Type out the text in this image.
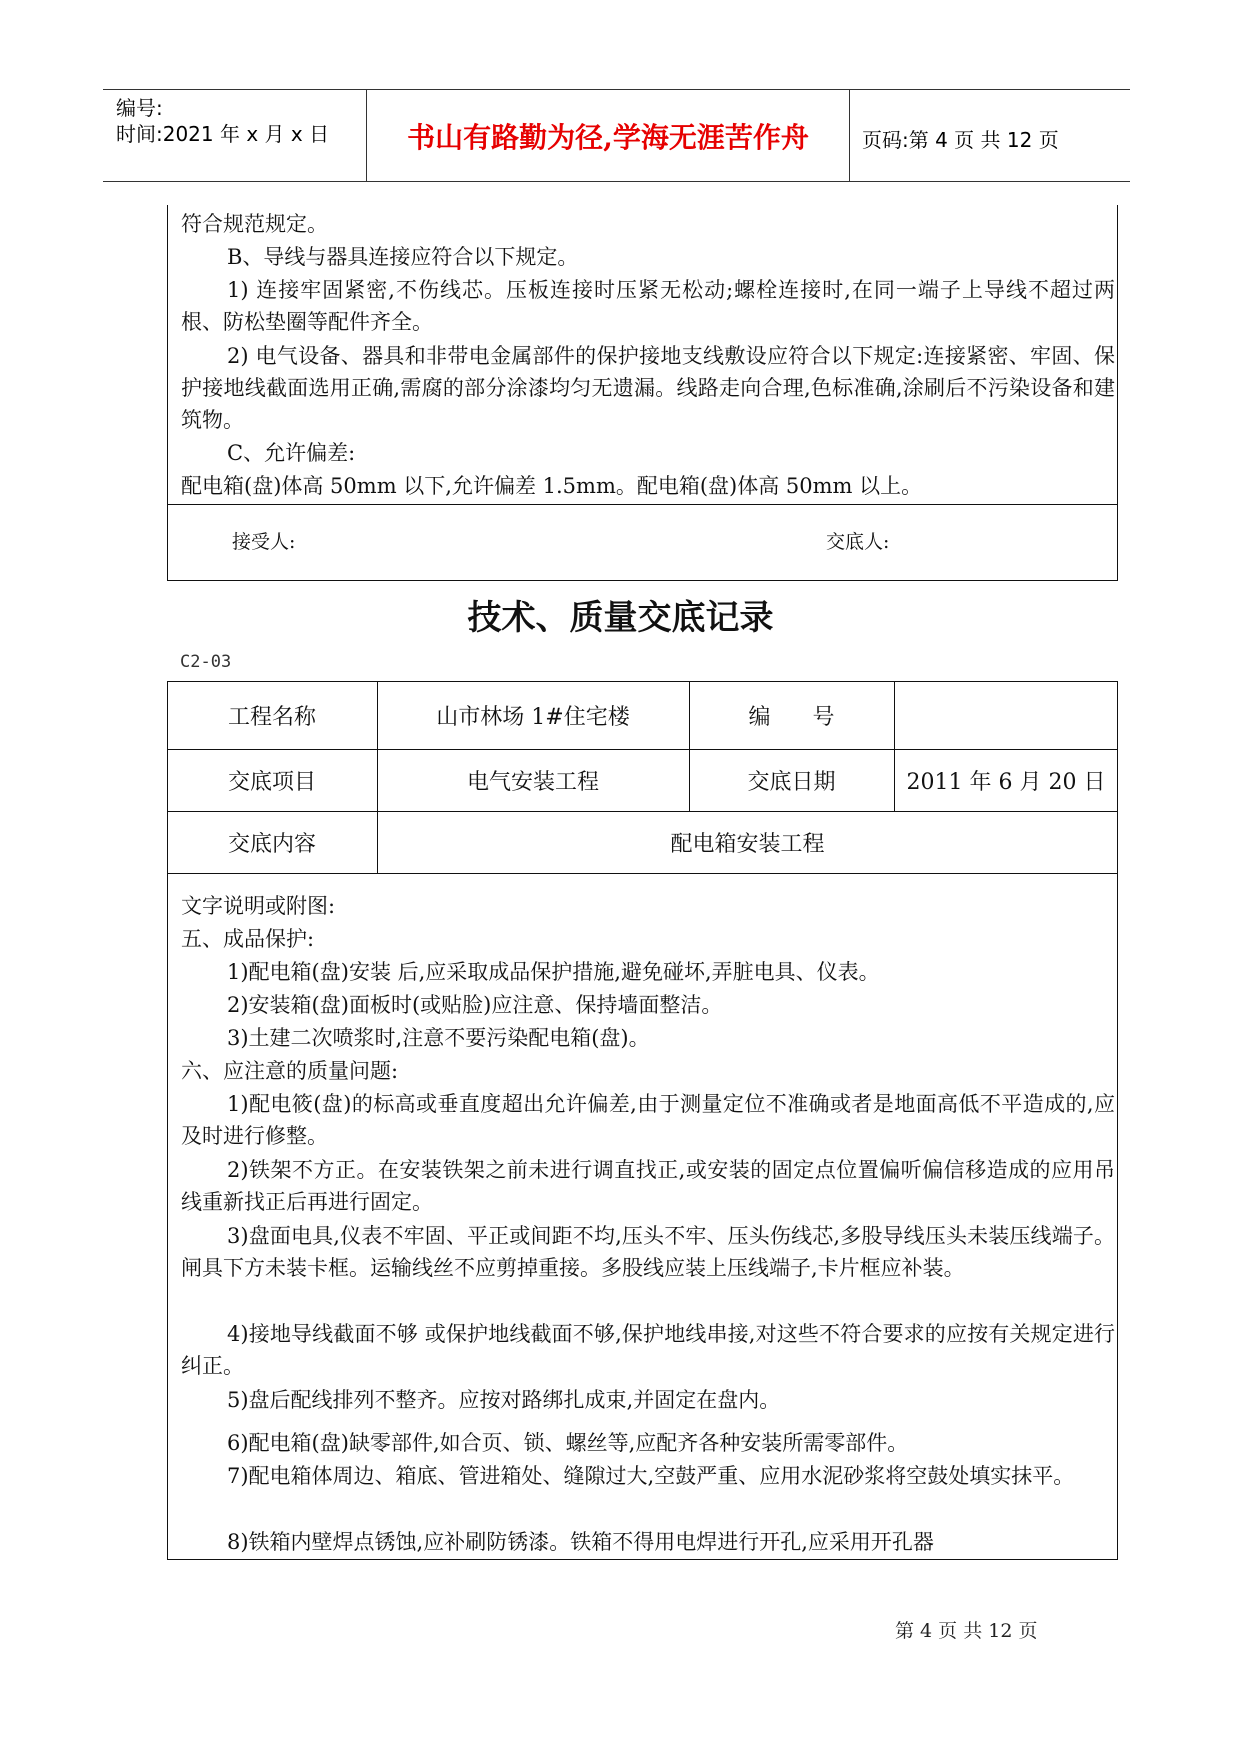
编号:
时间:2021 年 x 月 x 日	书山有路勤为径,学海无涯苦作舟	页码:第 4 页 共 12 页
符合规范规定。
B、导线与器具连接应符合以下规定。
1) 连接牢固紧密,不伤线芯。压板连接时压紧无松动;螺栓连接时,在同一端子上导线不超过两根、防松垫圈等配件齐全。
2) 电气设备、器具和非带电金属部件的保护接地支线敷设应符合以下规定:连接紧密、牢固、保护接地线截面选用正确,需腐的部分涂漆均匀无遗漏。线路走向合理,色标准确,涂刷后不污染设备和建筑物。
C、允许偏差:
配电箱(盘)体高 50mm 以下,允许偏差 1.5mm。配电箱(盘)体高 50mm 以上。
接受人:	交底人:
技术、质量交底记录
C2-03
工程名称	山市林场 1#住宅楼	编      号
交底项目	电气安装工程	交底日期	2011 年 6 月 20 日
交底内容	配电箱安装工程
文字说明或附图:
五、成品保护:
1)配电箱(盘)安装 后,应采取成品保护措施,避免碰坏,弄脏电具、仪表。
2)安装箱(盘)面板时(或贴脸)应注意、保持墙面整洁。
3)土建二次喷浆时,注意不要污染配电箱(盘)。
六、应注意的质量问题:
1)配电筱(盘)的标高或垂直度超出允许偏差,由于测量定位不准确或者是地面高低不平造成的,应及时进行修整。
2)铁架不方正。在安装铁架之前未进行调直找正,或安装的固定点位置偏听偏信移造成的应用吊线重新找正后再进行固定。
3)盘面电具,仪表不牢固、平正或间距不均,压头不牢、压头伤线芯,多股导线压头未装压线端子。闸具下方未装卡框。运输线丝不应剪掉重接。多股线应装上压线端子,卡片框应补装。
4)接地导线截面不够 或保护地线截面不够,保护地线串接,对这些不符合要求的应按有关规定进行纠正。
5)盘后配线排列不整齐。应按对路绑扎成束,并固定在盘内。
6)配电箱(盘)缺零部件,如合页、锁、螺丝等,应配齐各种安装所需零部件。
7)配电箱体周边、箱底、管进箱处、缝隙过大,空鼓严重、应用水泥砂浆将空鼓处填实抹平。
8)铁箱内壁焊点锈蚀,应补刷防锈漆。铁箱不得用电焊进行开孔,应采用开孔器
第 4 页 共 12 页
